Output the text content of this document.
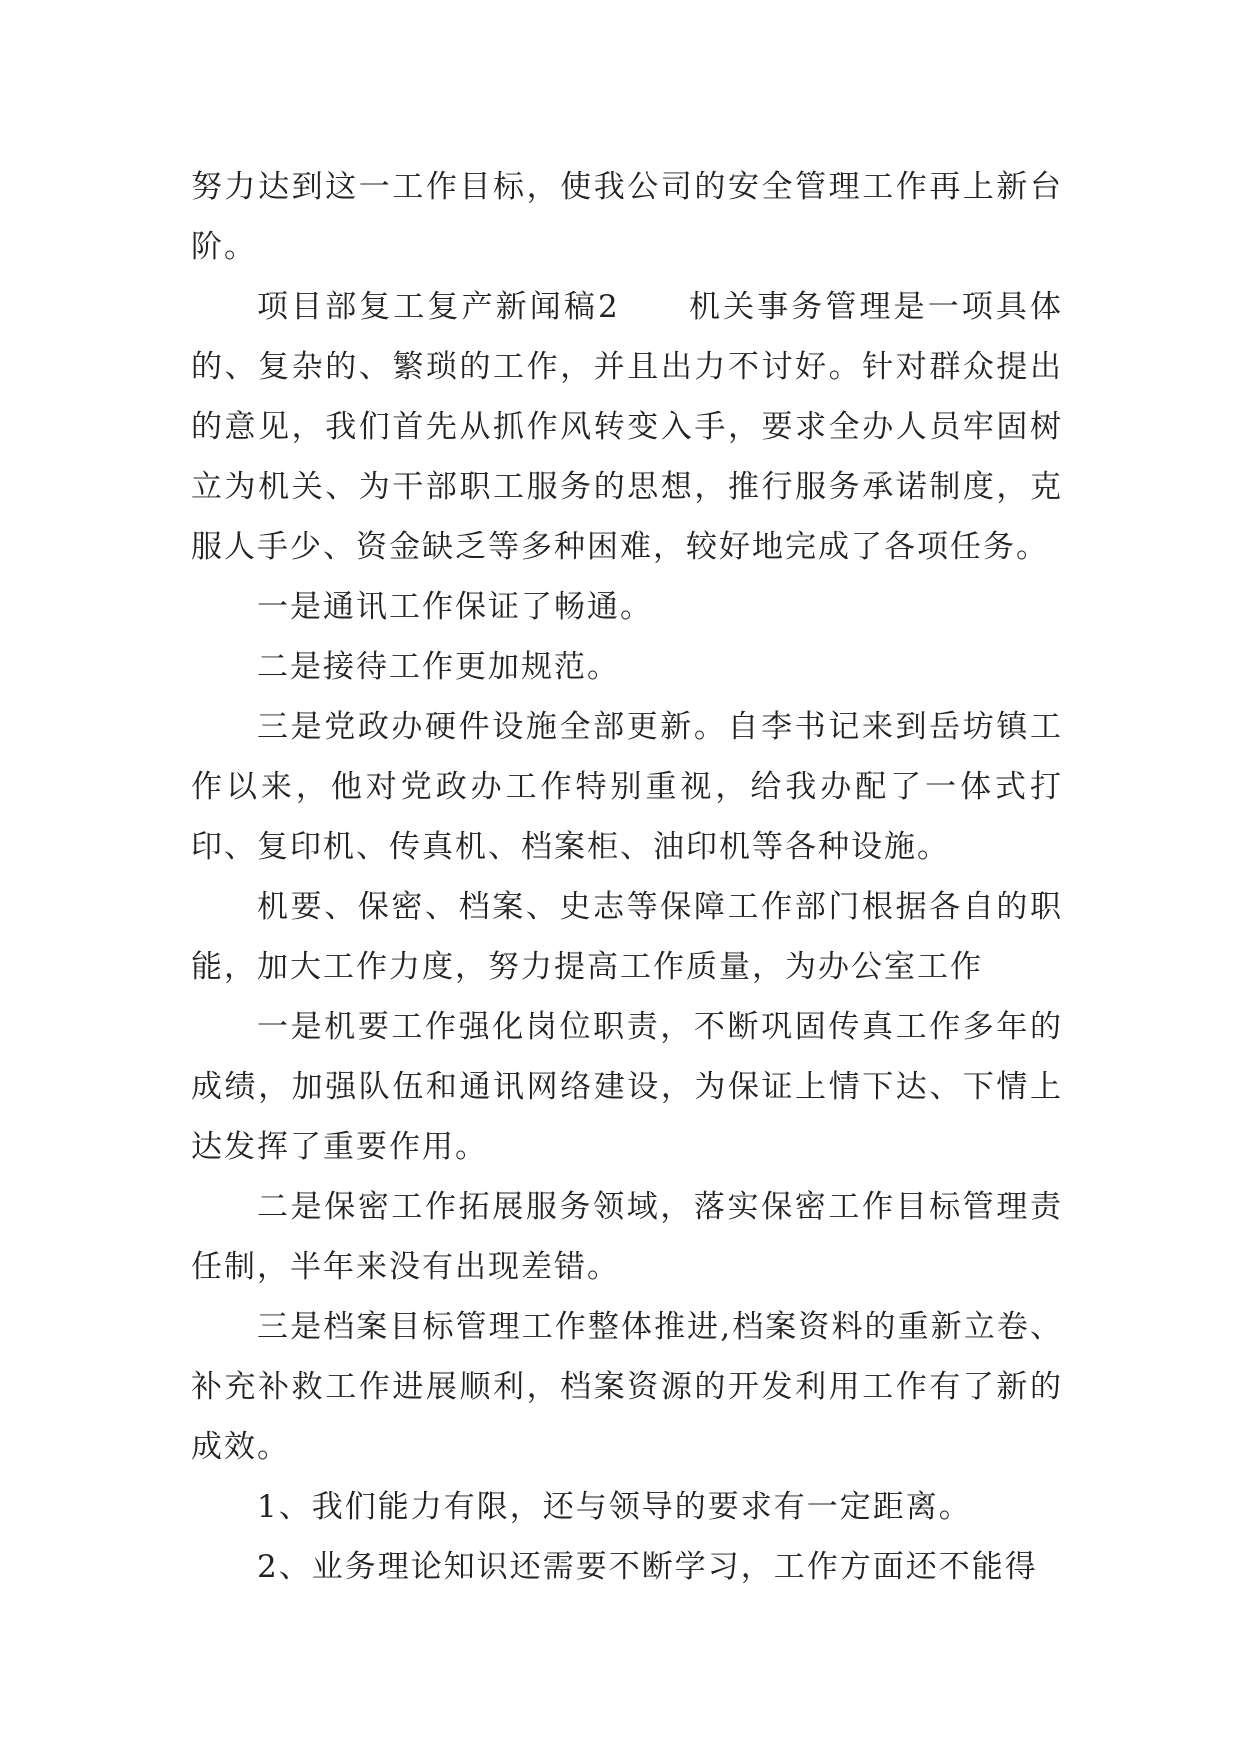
努力达到这一工作目标，使我公司的安全管理工作再上新台阶。

项目部复工复产新闻稿2　　机关事务管理是一项具体的、复杂的、繁琐的工作，并且出力不讨好。针对群众提出的意见，我们首先从抓作风转变入手，要求全办人员牢固树立为机关、为干部职工服务的思想，推行服务承诺制度，克服人手少、资金缺乏等多种困难，较好地完成了各项任务。

一是通讯工作保证了畅通。

二是接待工作更加规范。

三是党政办硬件设施全部更新。自李书记来到岳坊镇工作以来，他对党政办工作特别重视，给我办配了一体式打印、复印机、传真机、档案柜、油印机等各种设施。

机要、保密、档案、史志等保障工作部门根据各自的职能，加大工作力度，努力提高工作质量，为办公室工作

一是机要工作强化岗位职责，不断巩固传真工作多年的成绩，加强队伍和通讯网络建设，为保证上情下达、下情上达发挥了重要作用。

二是保密工作拓展服务领域，落实保密工作目标管理责任制，半年来没有出现差错。

三是档案目标管理工作整体推进,档案资料的重新立卷、补充补救工作进展顺利，档案资源的开发利用工作有了新的成效。

1、我们能力有限，还与领导的要求有一定距离。

2、业务理论知识还需要不断学习，工作方面还不能得
